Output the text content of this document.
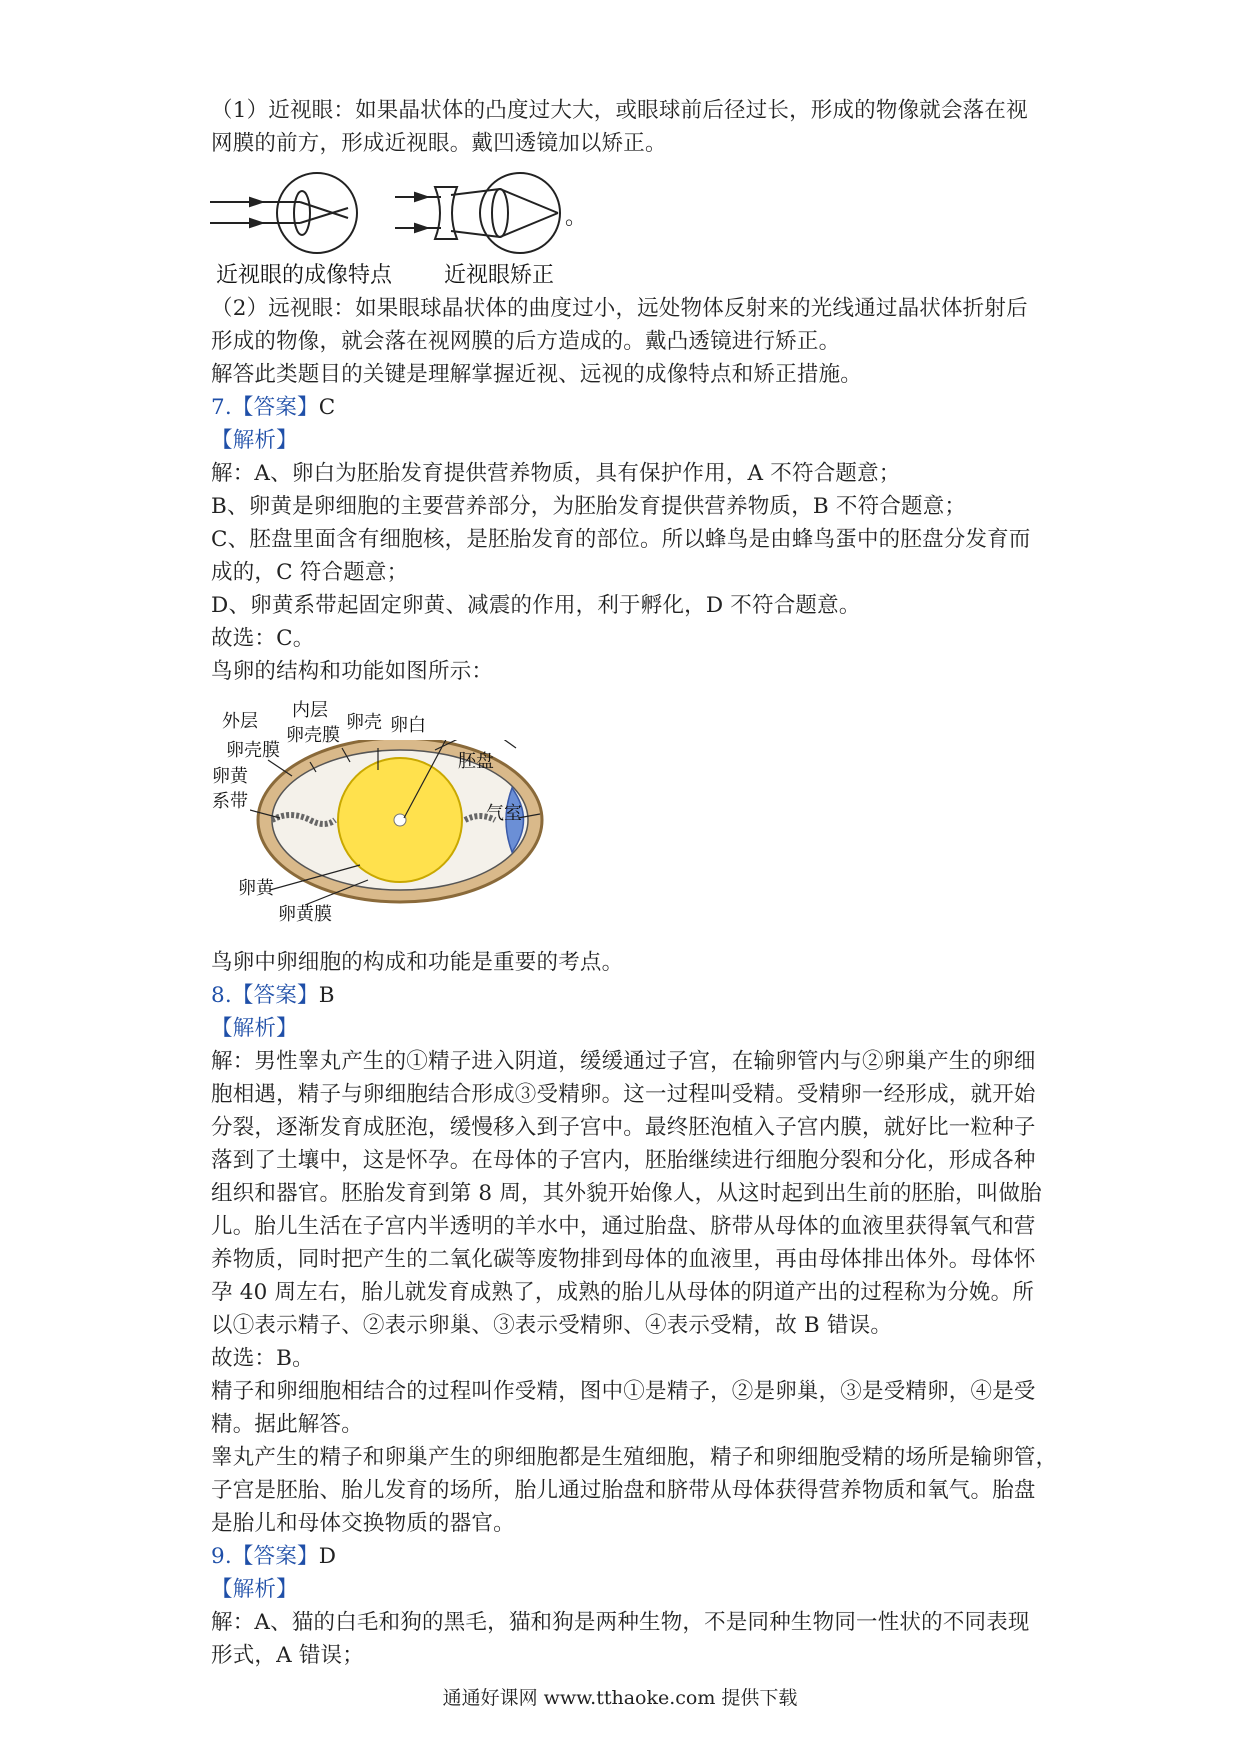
（1）近视眼：如果晶状体的凸度过大大，或眼球前后径过长，形成的物像就会落在视
网膜的前方，形成近视眼。戴凹透镜加以矫正。
。
近视眼的成像特点 近视眼矫正
（2）远视眼：如果眼球晶状体的曲度过小，远处物体反射来的光线通过晶状体折射后
形成的物像，就会落在视网膜的后方造成的。戴凸透镜进行矫正。
解答此类题目的关键是理解掌握近视、远视的成像特点和矫正措施。
7.【答案】C
【解析】
解：A、卵白为胚胎发育提供营养物质，具有保护作用，A 不符合题意；
B、卵黄是卵细胞的主要营养部分，为胚胎发育提供营养物质，B 不符合题意；
C、胚盘里面含有细胞核，是胚胎发育的部位。所以蜂鸟是由蜂鸟蛋中的胚盘分发育而
成的，C 符合题意；
D、卵黄系带起固定卵黄、减震的作用，利于孵化，D 不符合题意。
故选：C。
鸟卵的结构和功能如图所示：
外层
卵壳膜
内层
卵壳膜
卵壳 卵白
卵黄
系带
胚盘
气室
卵黄
卵黄膜
鸟卵中卵细胞的构成和功能是重要的考点。
8.【答案】B
【解析】
解：男性睾丸产生的①精子进入阴道，缓缓通过子宫，在输卵管内与②卵巢产生的卵细
胞相遇，精子与卵细胞结合形成③受精卵。这一过程叫受精。受精卵一经形成，就开始
分裂，逐渐发育成胚泡，缓慢移入到子宫中。最终胚泡植入子宫内膜，就好比一粒种子
落到了土壤中，这是怀孕。在母体的子宫内，胚胎继续进行细胞分裂和分化，形成各种
组织和器官。胚胎发育到第 8 周，其外貌开始像人，从这时起到出生前的胚胎，叫做胎
儿。胎儿生活在子宫内半透明的羊水中，通过胎盘、脐带从母体的血液里获得氧气和营
养物质，同时把产生的二氧化碳等废物排到母体的血液里，再由母体排出体外。母体怀
孕 40 周左右，胎儿就发育成熟了，成熟的胎儿从母体的阴道产出的过程称为分娩。所
以①表示精子、②表示卵巢、③表示受精卵、④表示受精，故 B 错误。
故选：B。
精子和卵细胞相结合的过程叫作受精，图中①是精子，②是卵巢，③是受精卵，④是受
精。据此解答。
睾丸产生的精子和卵巢产生的卵细胞都是生殖细胞，精子和卵细胞受精的场所是输卵管，
子宫是胚胎、胎儿发育的场所，胎儿通过胎盘和脐带从母体获得营养物质和氧气。胎盘
是胎儿和母体交换物质的器官。
9.【答案】D
【解析】
解：A、猫的白毛和狗的黑毛，猫和狗是两种生物，不是同种生物同一性状的不同表现
形式，A 错误；
通通好课网 www.tthaoke.com 提供下载
